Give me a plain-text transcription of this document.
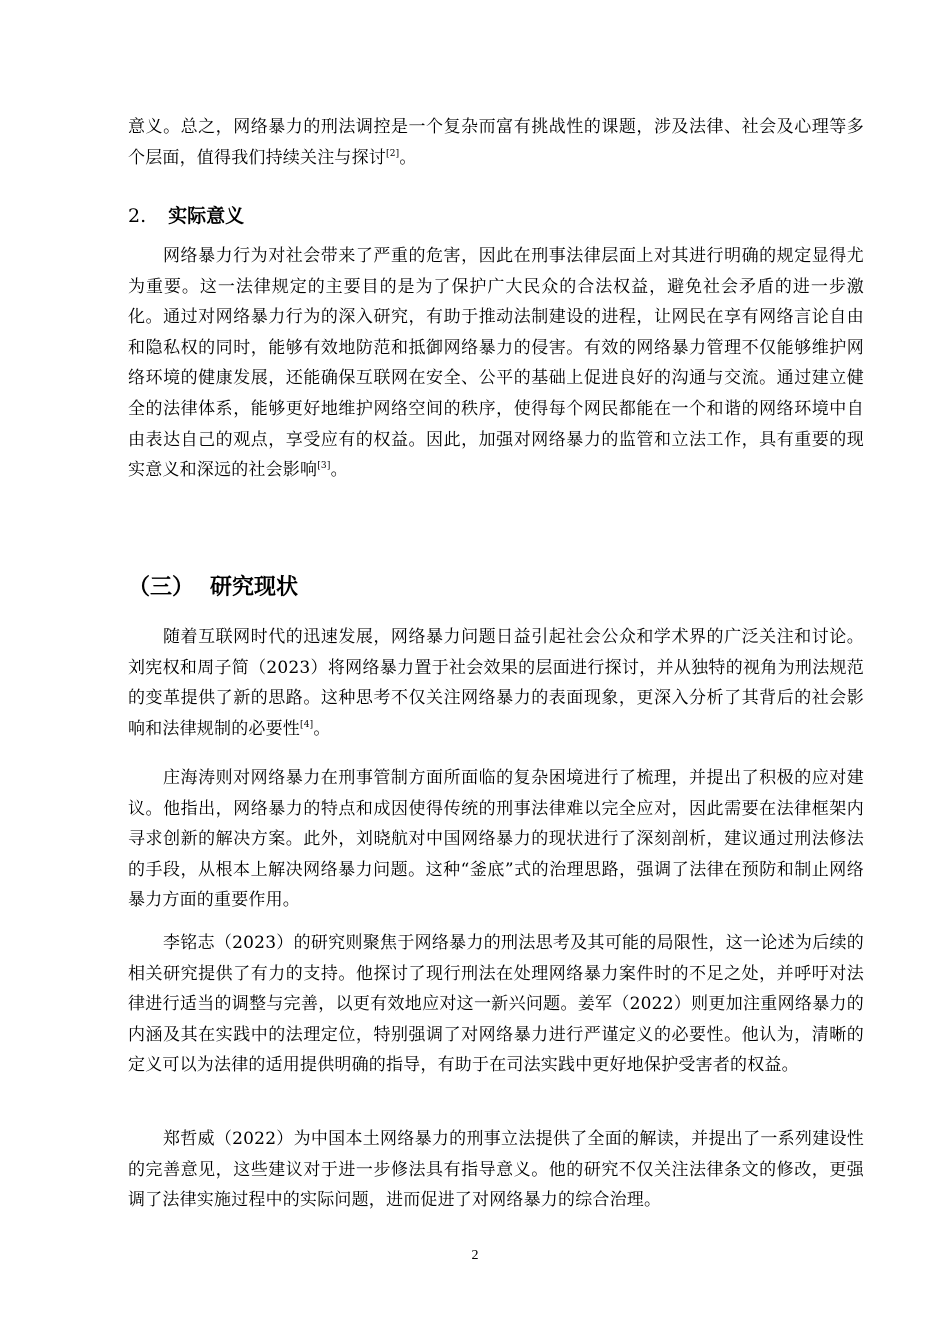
意义。总之，网络暴力的刑法调控是一个复杂而富有挑战性的课题，涉及法律、社会及心理等多个层面，值得我们持续关注与探讨[2]。

2. 实际意义

网络暴力行为对社会带来了严重的危害，因此在刑事法律层面上对其进行明确的规定显得尤为重要。这一法律规定的主要目的是为了保护广大民众的合法权益，避免社会矛盾的进一步激化。通过对网络暴力行为的深入研究，有助于推动法制建设的进程，让网民在享有网络言论自由和隐私权的同时，能够有效地防范和抵御网络暴力的侵害。有效的网络暴力管理不仅能够维护网络环境的健康发展，还能确保互联网在安全、公平的基础上促进良好的沟通与交流。通过建立健全的法律体系，能够更好地维护网络空间的秩序，使得每个网民都能在一个和谐的网络环境中自由表达自己的观点，享受应有的权益。因此，加强对网络暴力的监管和立法工作，具有重要的现实意义和深远的社会影响[3]。

（三） 研究现状

随着互联网时代的迅速发展，网络暴力问题日益引起社会公众和学术界的广泛关注和讨论。刘宪权和周子简（2023）将网络暴力置于社会效果的层面进行探讨，并从独特的视角为刑法规范的变革提供了新的思路。这种思考不仅关注网络暴力的表面现象，更深入分析了其背后的社会影响和法律规制的必要性[4]。

庄海涛则对网络暴力在刑事管制方面所面临的复杂困境进行了梳理，并提出了积极的应对建议。他指出，网络暴力的特点和成因使得传统的刑事法律难以完全应对，因此需要在法律框架内寻求创新的解决方案。此外，刘晓航对中国网络暴力的现状进行了深刻剖析，建议通过刑法修法的手段，从根本上解决网络暴力问题。这种“釜底”式的治理思路，强调了法律在预防和制止网络暴力方面的重要作用。

李铭志（2023）的研究则聚焦于网络暴力的刑法思考及其可能的局限性，这一论述为后续的相关研究提供了有力的支持。他探讨了现行刑法在处理网络暴力案件时的不足之处，并呼吁对法律进行适当的调整与完善，以更有效地应对这一新兴问题。姜军（2022）则更加注重网络暴力的内涵及其在实践中的法理定位，特别强调了对网络暴力进行严谨定义的必要性。他认为，清晰的定义可以为法律的适用提供明确的指导，有助于在司法实践中更好地保护受害者的权益。

郑哲威（2022）为中国本土网络暴力的刑事立法提供了全面的解读，并提出了一系列建设性的完善意见，这些建议对于进一步修法具有指导意义。他的研究不仅关注法律条文的修改，更强调了法律实施过程中的实际问题，进而促进了对网络暴力的综合治理。

2
